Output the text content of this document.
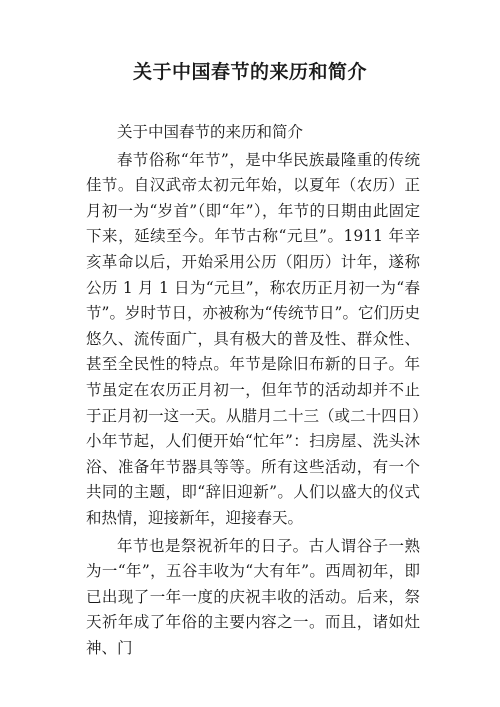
关于中国春节的来历和简介

关于中国春节的来历和简介

春节俗称“年节”，是中华民族最隆重的传统佳节。自汉武帝太初元年始，以夏年（农历）正月初一为“岁首”（即“年”），年节的日期由此固定下来，延续至今。年节古称“元旦”。1911 年辛亥革命以后，开始采用公历（阳历）计年，遂称公历 1 月 1 日为“元旦”，称农历正月初一为“春节”。岁时节日，亦被称为“传统节日”。它们历史悠久、流传面广，具有极大的普及性、群众性、甚至全民性的特点。年节是除旧布新的日子。年节虽定在农历正月初一，但年节的活动却并不止于正月初一这一天。从腊月二十三（或二十四日）小年节起，人们便开始“忙年”：扫房屋、洗头沐浴、准备年节器具等等。所有这些活动，有一个共同的主题，即“辞旧迎新”。人们以盛大的仪式和热情，迎接新年，迎接春天。

年节也是祭祝祈年的日子。古人谓谷子一熟为一“年”，五谷丰收为“大有年”。西周初年，即已出现了一年一度的庆祝丰收的活动。后来，祭天祈年成了年俗的主要内容之一。而且，诸如灶神、门
